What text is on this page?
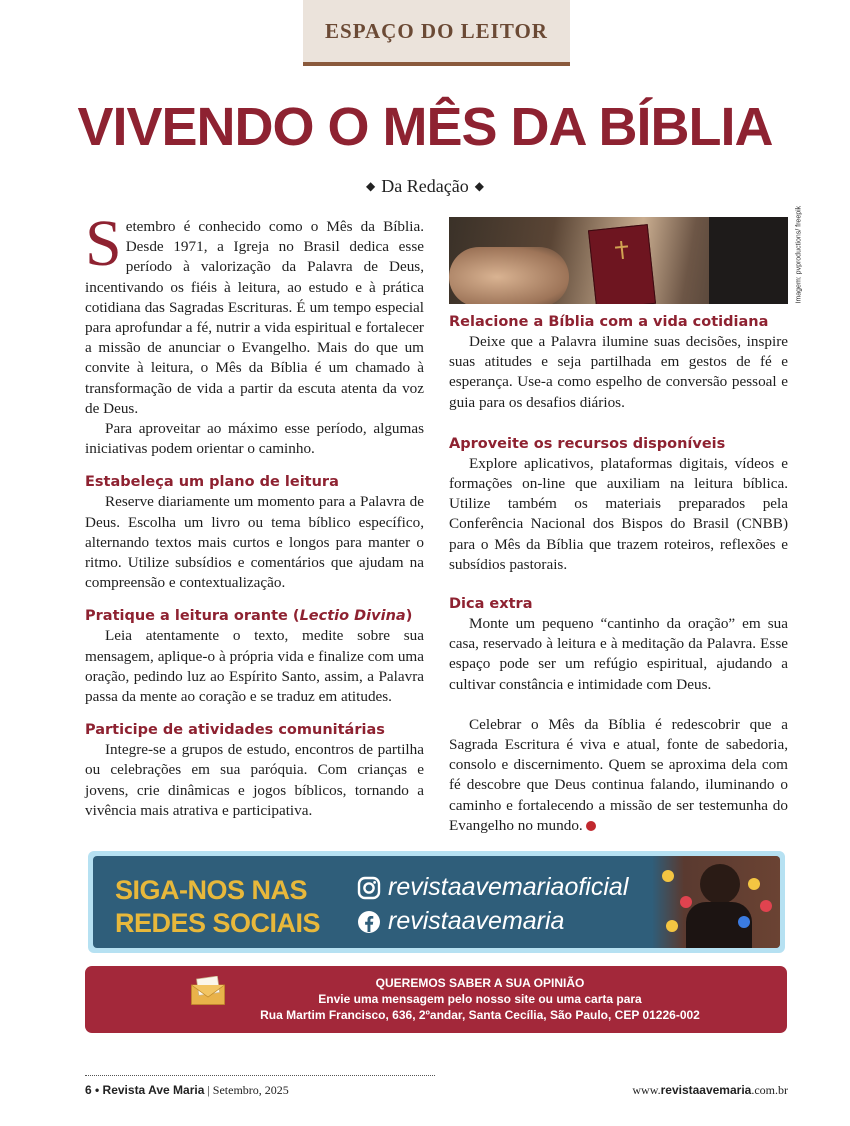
ESPAÇO DO LEITOR
VIVENDO O MÊS DA BÍBLIA
◆ Da Redação ◆

Setembro é conhecido como o Mês da Bíblia. Desde 1971, a Igreja no Brasil dedica esse período à valorização da Palavra de Deus, incentivando os fiéis à leitura, ao estudo e à prática cotidiana das Sagradas Escrituras. É um tempo especial para aprofundar a fé, nutrir a vida espiritual e fortalecer a missão de anunciar o Evangelho. Mais do que um convite à leitura, o Mês da Bíblia é um chamado à transformação de vida a partir da escuta atenta da voz de Deus.

Para aproveitar ao máximo esse período, algumas iniciativas podem orientar o caminho.

Estabeleça um plano de leitura

Reserve diariamente um momento para a Palavra de Deus. Escolha um livro ou tema bíblico específico, alternando textos mais curtos e longos para manter o ritmo. Utilize subsídios e comentários que ajudam na compreensão e contextualização.

Pratique a leitura orante (Lectio Divina)

Leia atentamente o texto, medite sobre sua mensagem, aplique-o à própria vida e finalize com uma oração, pedindo luz ao Espírito Santo, assim, a Palavra passa da mente ao coração e se traduz em atitudes.

Participe de atividades comunitárias

Integre-se a grupos de estudo, encontros de partilha ou celebrações em sua paróquia. Com crianças e jovens, crie dinâmicas e jogos bíblicos, tornando a vivência mais atrativa e participativa.

Imagem: pvproductions/ freepik
Relacione a Bíblia com a vida cotidiana

Deixe que a Palavra ilumine suas decisões, inspire suas atitudes e seja partilhada em gestos de fé e esperança. Use-a como espelho de conversão pessoal e guia para os desafios diários.

Aproveite os recursos disponíveis

Explore aplicativos, plataformas digitais, vídeos e formações on-line que auxiliam na leitura bíblica. Utilize também os materiais preparados pela Conferência Nacional dos Bispos do Brasil (CNBB) para o Mês da Bíblia que trazem roteiros, reflexões e subsídios pastorais.

Dica extra

Monte um pequeno “cantinho da oração” em sua casa, reservado à leitura e à meditação da Palavra. Esse espaço pode ser um refúgio espiritual, ajudando a cultivar constância e intimidade com Deus.

Celebrar o Mês da Bíblia é redescobrir que a Sagrada Escritura é viva e atual, fonte de sabedoria, consolo e discernimento. Quem se aproxima dela com fé descobre que Deus continua falando, iluminando o caminho e fortalecendo a missão de ser testemunha do Evangelho no mundo.

SIGA-NOS NAS
REDES SOCIAIS
revistaavemariaoficial
revistaavemaria
QUEREMOS SABER A SUA OPINIÃO
Envie uma mensagem pelo nosso site ou uma carta para
Rua Martim Francisco, 636, 2ºandar, Santa Cecília, São Paulo, CEP 01226-002
6 • Revista Ave Maria | Setembro, 2025	www.revistaavemaria.com.br
